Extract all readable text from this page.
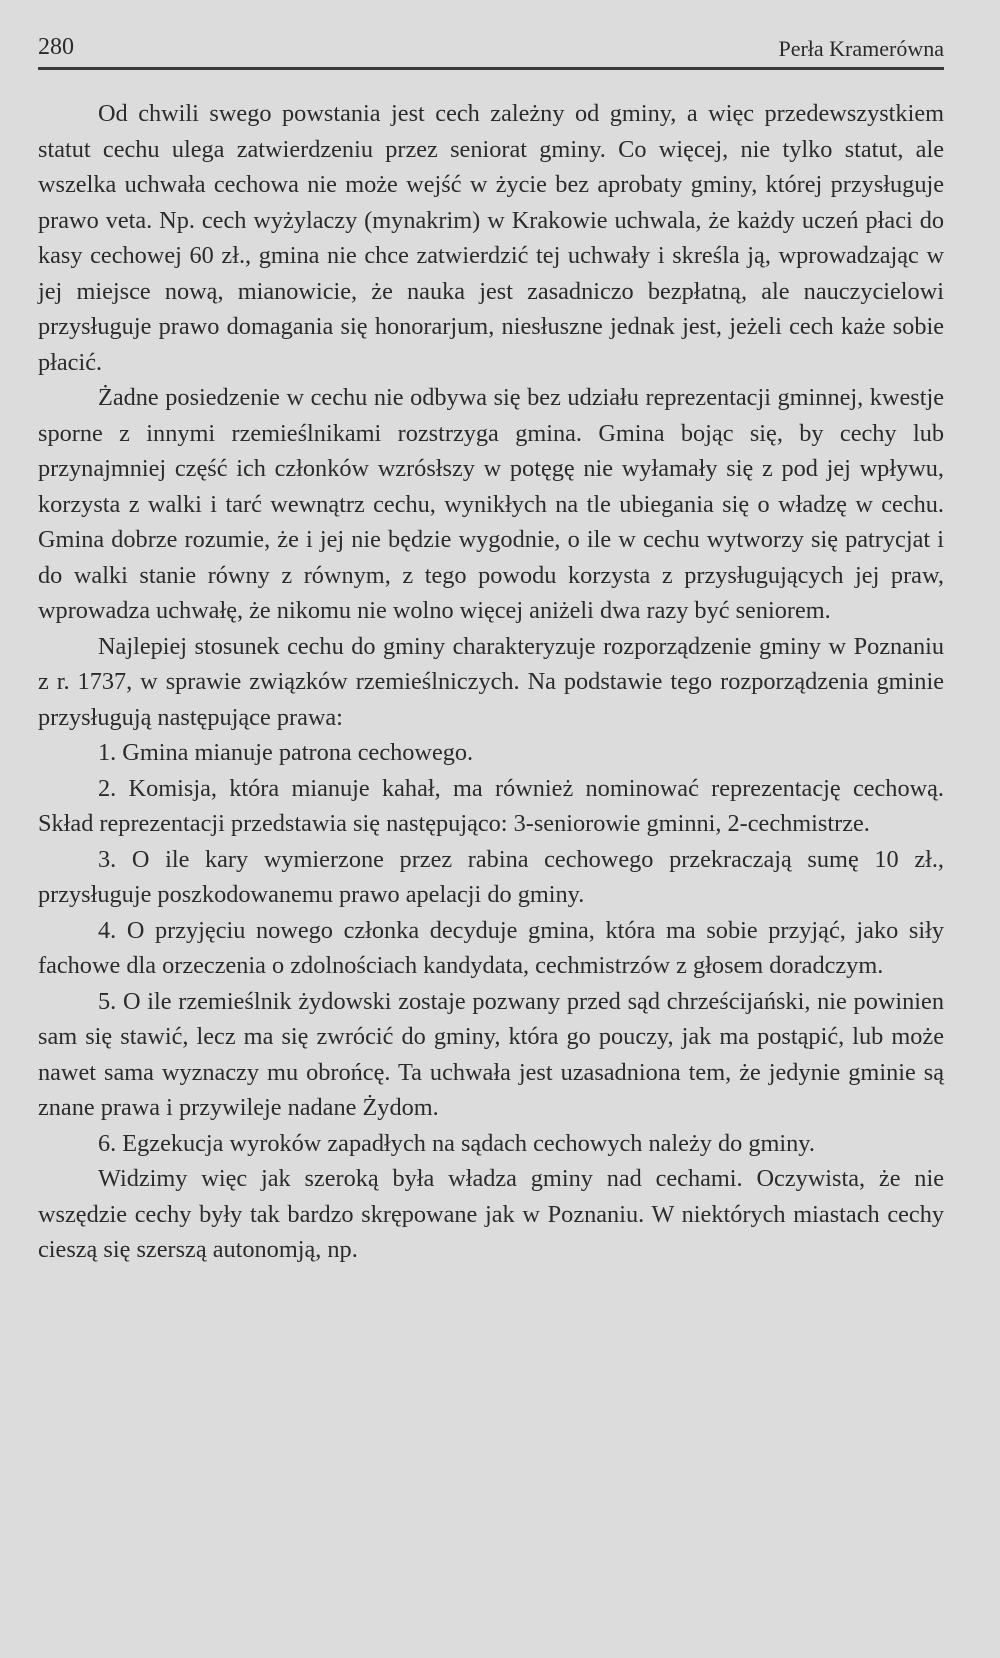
280	Perła Kramerówna

Od chwili swego powstania jest cech zależny od gminy, a więc przedewszystkiem statut cechu ulega zatwierdzeniu przez seniorat gminy. Co więcej, nie tylko statut, ale wszelka uchwała cechowa nie może wejść w życie bez aprobaty gminy, której przysługuje prawo veta. Np. cech wyżylaczy (mynakrim) w Krakowie uchwala, że każdy uczeń płaci do kasy cechowej 60 zł., gmina nie chce zatwierdzić tej uchwały i skreśla ją, wprowadzając w jej miejsce nową, mianowicie, że nauka jest zasadniczo bezpłatną, ale nauczycielowi przysługuje prawo domagania się honorarjum, niesłuszne jednak jest, jeżeli cech każe sobie płacić.

Żadne posiedzenie w cechu nie odbywa się bez udziału reprezentacji gminnej, kwestje sporne z innymi rzemieślnikami rozstrzyga gmina. Gmina bojąc się, by cechy lub przynajmniej część ich członków wzrósłszy w potęgę nie wyłamały się z pod jej wpływu, korzysta z walki i tarć wewnątrz cechu, wynikłych na tle ubiegania się o władzę w cechu. Gmina dobrze rozumie, że i jej nie będzie wygodnie, o ile w cechu wytworzy się patrycjat i do walki stanie równy z równym, z tego powodu korzysta z przysługujących jej praw, wprowadza uchwałę, że nikomu nie wolno więcej aniżeli dwa razy być seniorem.

Najlepiej stosunek cechu do gminy charakteryzuje rozporządzenie gminy w Poznaniu z r. 1737, w sprawie związków rzemieślniczych. Na podstawie tego rozporządzenia gminie przysługują następujące prawa:

1. Gmina mianuje patrona cechowego.

2. Komisja, która mianuje kahał, ma również nominować reprezentację cechową. Skład reprezentacji przedstawia się następująco: 3-seniorowie gminni, 2-cechmistrze.

3. O ile kary wymierzone przez rabina cechowego przekraczają sumę 10 zł., przysługuje poszkodowanemu prawo apelacji do gminy.

4. O przyjęciu nowego członka decyduje gmina, która ma sobie przyjąć, jako siły fachowe dla orzeczenia o zdolnościach kandydata, cechmistrzów z głosem doradczym.

5. O ile rzemieślnik żydowski zostaje pozwany przed sąd chrześcijański, nie powinien sam się stawić, lecz ma się zwrócić do gminy, która go pouczy, jak ma postąpić, lub może nawet sama wyznaczy mu obrońcę. Ta uchwała jest uzasadniona tem, że jedynie gminie są znane prawa i przywileje nadane Żydom.

6. Egzekucja wyroków zapadłych na sądach cechowych należy do gminy.

Widzimy więc jak szeroką była władza gminy nad cechami. Oczywista, że nie wszędzie cechy były tak bardzo skrępowane jak w Poznaniu. W niektórych miastach cechy cieszą się szerszą autonomją, np.
